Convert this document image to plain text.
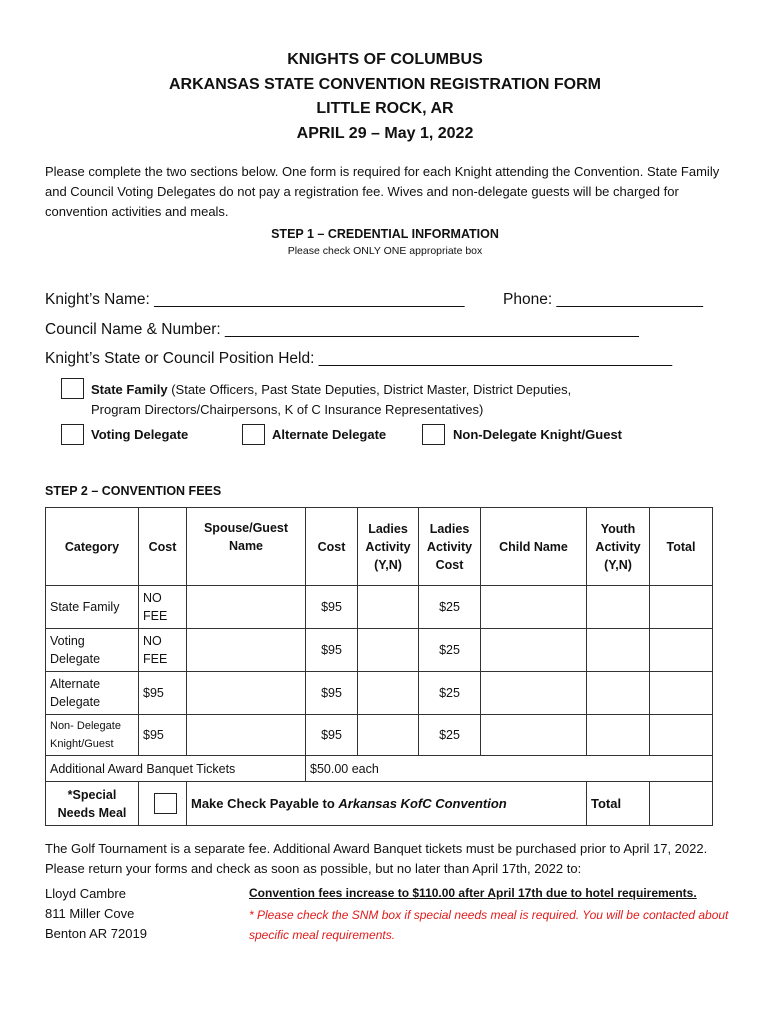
KNIGHTS OF COLUMBUS
ARKANSAS STATE CONVENTION REGISTRATION FORM
LITTLE ROCK, AR
APRIL 29 – May 1, 2022
Please complete the two sections below. One form is required for each Knight attending the Convention. State Family and Council Voting Delegates do not pay a registration fee. Wives and non-delegate guests will be charged for convention activities and meals.
STEP 1 – CREDENTIAL INFORMATION
Please check ONLY ONE appropriate box
Knight’s Name: ____________________________________ Phone: _________________
Council Name & Number: ________________________________________________
Knight’s State or Council Position Held: _________________________________________
State Family (State Officers, Past State Deputies, District Master, District Deputies,
Program Directors/Chairpersons, K of C Insurance Representatives)
Voting Delegate	Alternate Delegate	Non-Delegate Knight/Guest
STEP 2 – CONVENTION FEES
Category	Cost	Spouse/Guest Name	Cost	Ladies Activity (Y,N)	Ladies Activity Cost	Child Name	Youth Activity (Y,N)	Total
State Family	NO FEE		$95		$25			
Voting Delegate	NO FEE		$95		$25			
Alternate Delegate	$95		$95		$25			
Non- Delegate Knight/Guest	$95		$95		$25			
Additional Award Banquet Tickets			$50.00 each					
*Special Needs Meal		Make Check Payable to Arkansas KofC Convention					Total	
The Golf Tournament is a separate fee. Additional Award Banquet tickets must be purchased prior to April 17, 2022. Please return your forms and check as soon as possible, but no later than April 17th, 2022 to:
Lloyd Cambre
811 Miller Cove
Benton AR 72019
Convention fees increase to $110.00 after April 17th due to hotel requirements.
* Please check the SNM box if special needs meal is required. You will be contacted about specific meal requirements.
